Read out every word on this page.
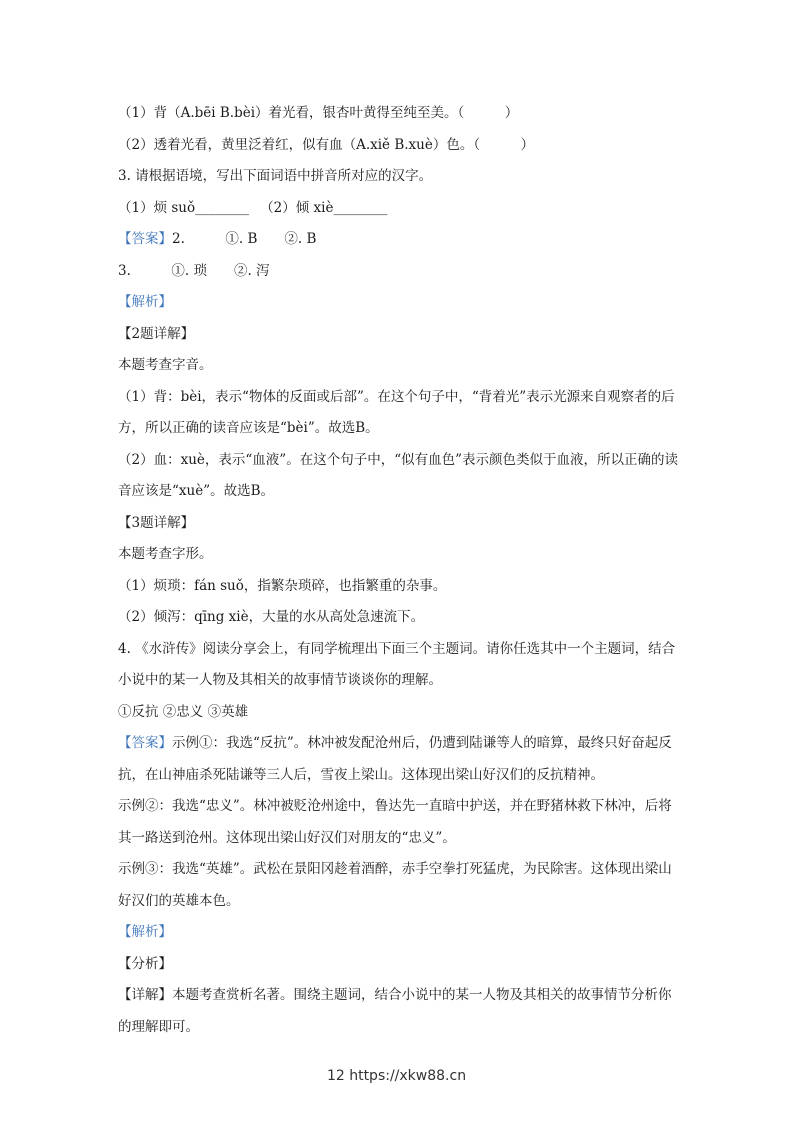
（1）背（A.bēi B.bèi）着光看，银杏叶黄得至纯至美。（　　　）

（2）透着光看，黄里泛着红，似有血（A.xiě B.xuè）色。（　　　）

3. 请根据语境，写出下面词语中拼音所对应的汉字。

（1）烦 suǒ________ 　（2）倾 xiè________

【答案】2.　　　①. B　　②. B

3.　　　①. 琐　　②. 泻

【解析】

【2题详解】

本题考查字音。

（1）背：bèi，表示“物体的反面或后部”。在这个句子中，“背着光”表示光源来自观察者的后方，所以正确的读音应该是“bèi”。故选B。

（2）血：xuè，表示“血液”。在这个句子中，“似有血色”表示颜色类似于血液，所以正确的读音应该是“xuè”。故选B。

【3题详解】

本题考查字形。

（1）烦琐：fán suǒ，指繁杂琐碎，也指繁重的杂事。

（2）倾泻：qīng xiè，大量的水从高处急速流下。

4. 《水浒传》阅读分享会上，有同学梳理出下面三个主题词。请你任选其中一个主题词，结合小说中的某一人物及其相关的故事情节谈谈你的理解。

①反抗 ②忠义 ③英雄

【答案】示例①：我选“反抗”。林冲被发配沧州后，仍遭到陆谦等人的暗算，最终只好奋起反抗，在山神庙杀死陆谦等三人后，雪夜上梁山。这体现出梁山好汉们的反抗精神。

示例②：我选“忠义”。林冲被贬沧州途中，鲁达先一直暗中护送，并在野猪林救下林冲，后将其一路送到沧州。这体现出梁山好汉们对朋友的“忠义”。

示例③：我选“英雄”。武松在景阳冈趁着酒醉，赤手空拳打死猛虎，为民除害。这体现出梁山好汉们的英雄本色。

【解析】

【分析】

【详解】本题考查赏析名著。围绕主题词，结合小说中的某一人物及其相关的故事情节分析你的理解即可。

12 https://xkw88.cn
